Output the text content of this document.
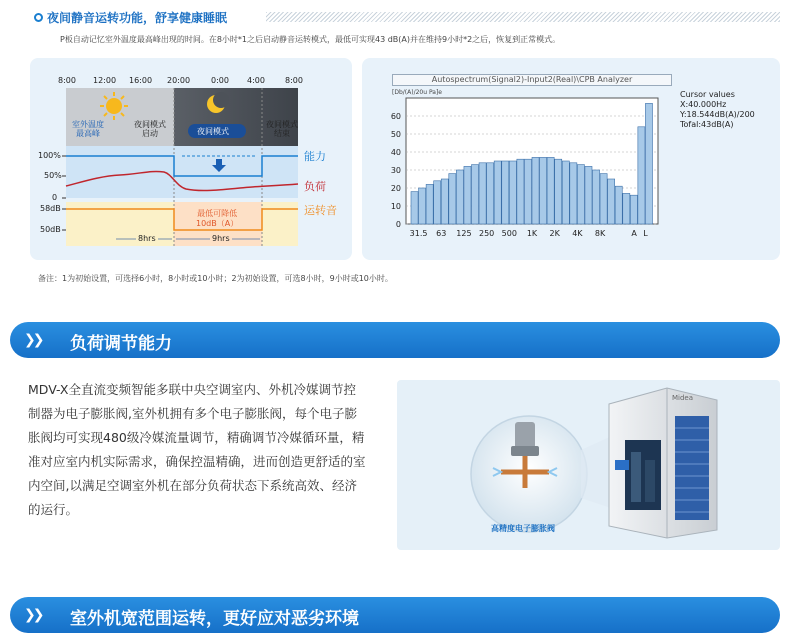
夜间静音运转功能，舒享健康睡眠
P板自动记忆室外温度最高峰出现的时间。在8小时*1之后启动静音运转模式，最低可实现43 dB(A)并在维持9小时*2之后，恢复到正常模式。
8:00 12:00 16:00 20:00	0:00 4:00	8:00
室外温度
最高峰
夜间模式
启动	夜间模式
夜间模式
结束
100%
50%
0
58dB
50dB
能力
负荷
运转音
最低可降低
10dB（A）
8hrs	9hrs
Autospectrum(Signal2)-Input2(Real)\CPB Analyzer
[Db/(A)/20u Pa]e
0
10
20
30
40
50
60
31.5 63 125 250 500 1K 2K 4K 8K	A L
Cursor values
X:40.000Hz
Y:18.544dB(A)/200
Tofal:43dB(A)
备注：1为初始设置，可选择6小时，8小时或10小时；2为初始设置，可选8小时，9小时或10小时。
❯❯ 负荷调节能力
MDV-X全直流变频智能多联中央空调室内、外机冷媒调节控制器为电子膨胀阀,室外机拥有多个电子膨胀阀，每个电子膨胀阀均可实现480级冷媒流量调节，精确调节冷媒循环量，精准对应室内机实际需求，确保控温精确，进而创造更舒适的室内空间,以满足空调室外机在部分负荷状态下系统高效、经济的运行。
Midea
高精度电子膨胀阀
❯❯ 室外机宽范围运转，更好应对恶劣环境
